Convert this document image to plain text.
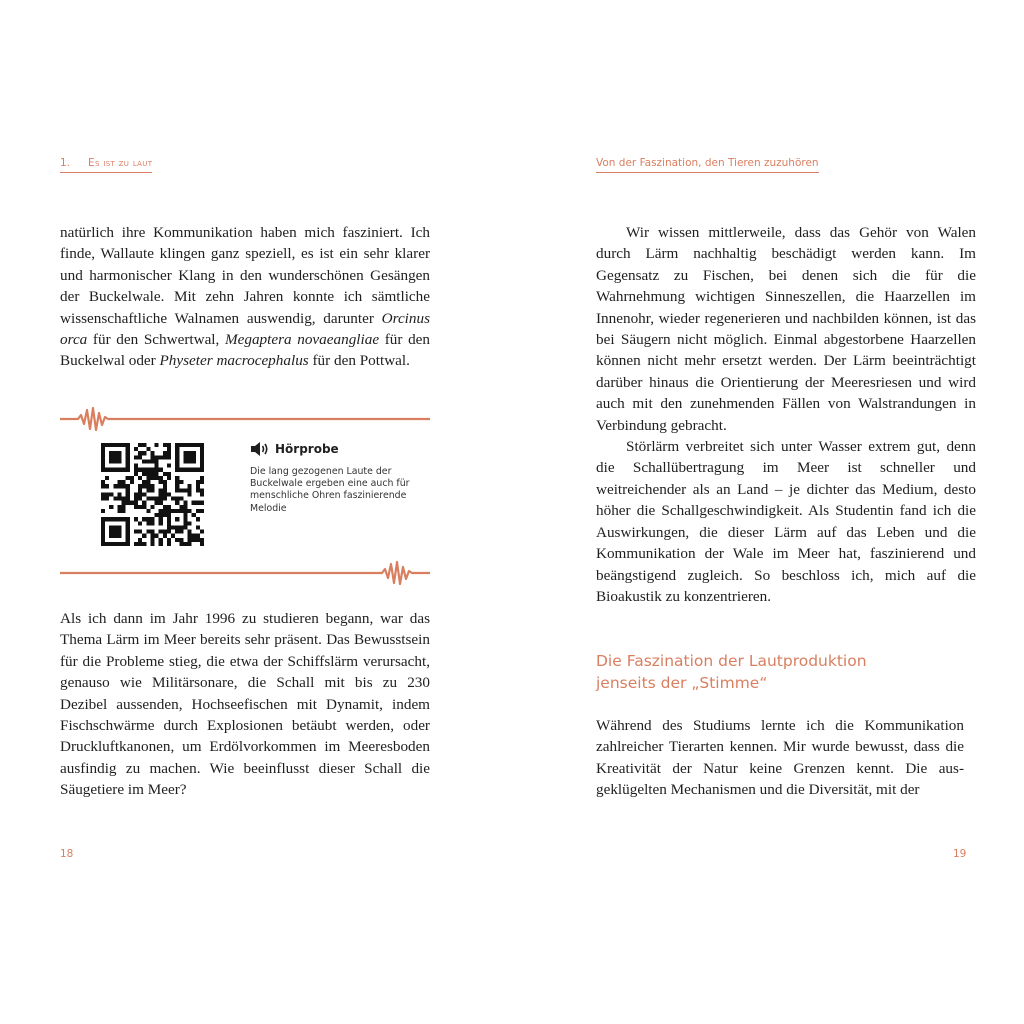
1. Es ist zu laut

natürlich ihre Kommunikation haben mich fasziniert. Ich finde, Wallaute klingen ganz speziell, es ist ein sehr klarer und harmonischer Klang in den wunderschönen Gesängen der Buckelwale. Mit zehn Jahren konnte ich sämtliche wissenschaftliche Walnamen auswendig, darunter Orcinus orca für den Schwertwal, Megaptera novaeangliae für den Buckelwal oder Physeter macrocephalus für den Pottwal.

Hörprobe
Die lang gezogenen Laute der Buckelwale ergeben eine auch für menschliche Ohren faszinierende Melodie

Als ich dann im Jahr 1996 zu studieren begann, war das Thema Lärm im Meer bereits sehr präsent. Das Bewusstsein für die Probleme stieg, die etwa der Schiffslärm verursacht, genauso wie Militärsonare, die Schall mit bis zu 230 Dezibel aussenden, Hochseefischen mit Dynamit, indem Fischschwärme durch Explosionen betäubt werden, oder Druckluftkanonen, um Erdölvorkommen im Meeresboden ausfindig zu machen. Wie beeinflusst dieser Schall die Säugetiere im Meer?

18
Von der Faszination, den Tieren zuzuhören

Wir wissen mittlerweile, dass das Gehör von Walen durch Lärm nachhaltig beschädigt werden kann. Im Gegensatz zu Fischen, bei denen sich die für die Wahrnehmung wichtigen Sinneszellen, die Haarzellen im Innenohr, wieder regenerieren und nachbilden können, ist das bei Säugern nicht möglich. Einmal abgestorbene Haarzellen können nicht mehr ersetzt werden. Der Lärm beeinträchtigt darüber hinaus die Orientierung der Meeresriesen und wird auch mit den zunehmenden Fällen von Walstrandungen in Verbindung gebracht.

Störlärm verbreitet sich unter Wasser extrem gut, denn die Schallübertragung im Meer ist schneller und weitreichender als an Land – je dichter das Medium, desto höher die Schallgeschwindigkeit. Als Studentin fand ich die Auswirkungen, die dieser Lärm auf das Leben und die Kommunikation der Wale im Meer hat, faszinierend und beängstigend zugleich. So beschloss ich, mich auf die Bioakustik zu konzentrieren.

19
Die Faszination der Lautproduktion
jenseits der „Stimme“

Während des Studiums lernte ich die Kommunikation zahlreicher Tierarten kennen. Mir wurde bewusst, dass die Kreativität der Natur keine Grenzen kennt. Die ausgeklügelten Mechanismen und die Diversität, mit der
